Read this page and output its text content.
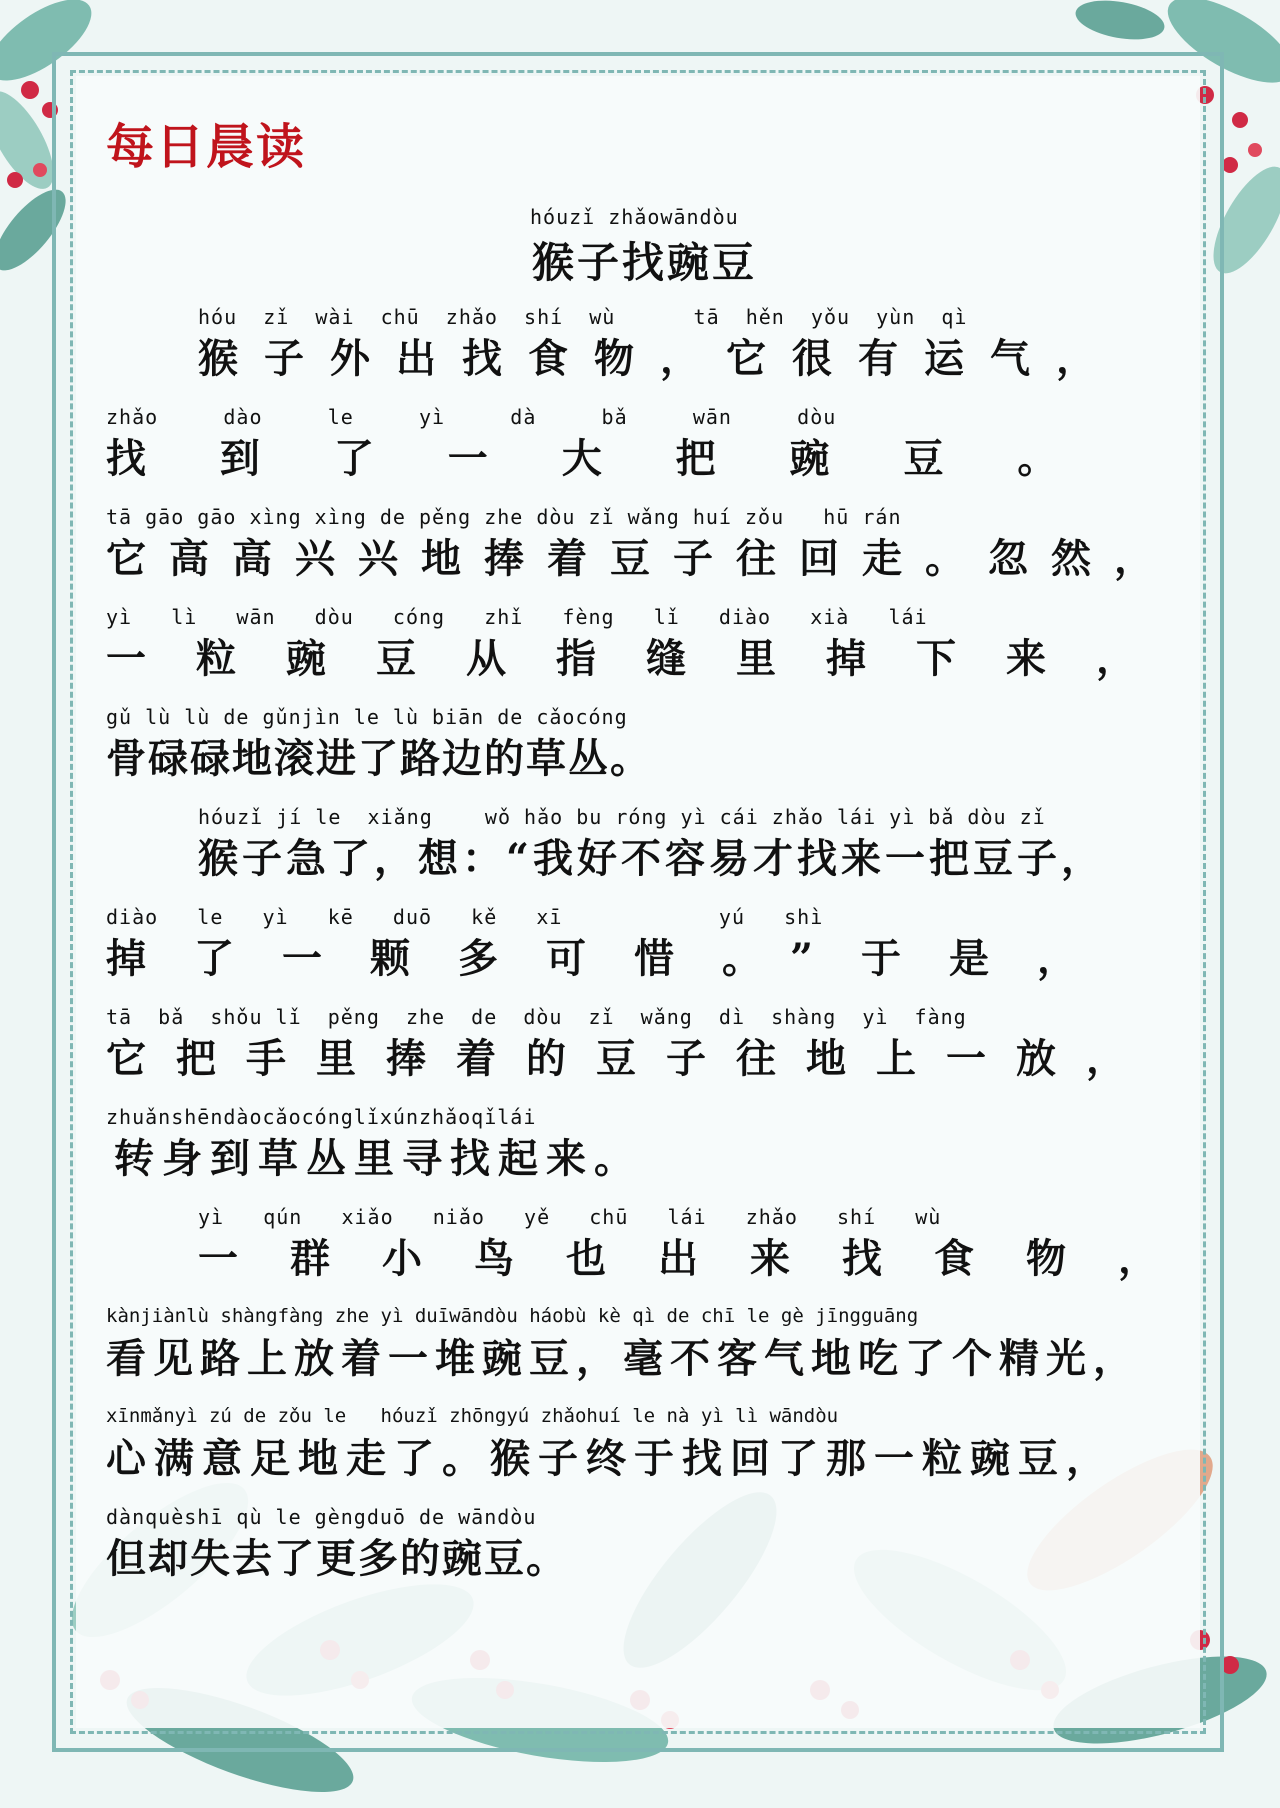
每日晨读
hóuzǐ zhǎowāndòu
猴子找豌豆
hóu  zǐ  wài  chū  zhǎo  shí  wù      tā  hěn  yǒu  yùn  qì
猴子外出找食物，它很有运气，
zhǎo     dào     le     yì     dà     bǎ     wān     dòu
找 到 了 一 大 把 豌 豆 。
tā gāo gāo xìng xìng de pěng zhe dòu zǐ wǎng huí zǒu   hū rán
它高高兴兴地捧着豆子往回走。忽然，
yì   lì   wān   dòu   cóng   zhǐ   fèng   lǐ   diào   xià   lái
一粒豌豆从指缝里掉下来，
gǔ lù lù de gǔnjìn le lù biān de cǎocóng
骨碌碌地滚进了路边的草丛。
hóuzǐ jí le  xiǎng    wǒ hǎo bu róng yì cái zhǎo lái yì bǎ dòu zǐ
猴子急了，想：“我好不容易才找来一把豆子，
diào   le   yì   kē   duō   kě   xī            yú   shì
掉了一颗多可惜。”于是，
tā  bǎ  shǒu lǐ  pěng  zhe  de  dòu  zǐ  wǎng  dì  shàng  yì  fàng
它把手里捧着的豆子往地上一放，
zhuǎnshēndàocǎocónglǐxúnzhǎoqǐlái
转身到草丛里寻找起来。
yì   qún   xiǎo   niǎo   yě   chū   lái   zhǎo   shí   wù
一群小鸟也出来找食物，
kànjiànlù shàngfàng zhe yì duīwāndòu háobù kè qì de chī le gè jīngguāng
看见路上放着一堆豌豆，毫不客气地吃了个精光，
xīnmǎnyì zú de zǒu le   hóuzǐ zhōngyú zhǎohuí le nà yì lì wāndòu
心满意足地走了。猴子终于找回了那一粒豌豆，
dànquèshī qù le gèngduō de wāndòu
但却失去了更多的豌豆。
